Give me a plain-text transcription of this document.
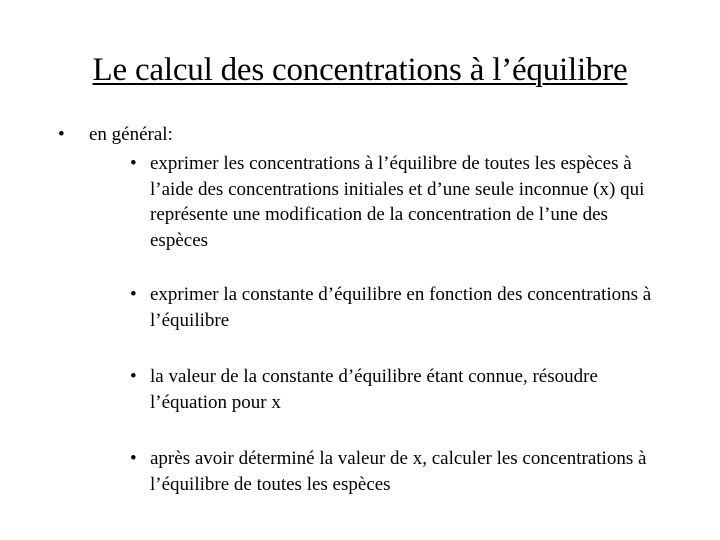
Le calcul des concentrations à l’équilibre
• en général:
• exprimer les concentrations à l’équilibre de toutes les espèces à l’aide des concentrations initiales et d’une seule inconnue (x) qui représente une modification de la concentration de l’une des espèces
• exprimer la constante d’équilibre en fonction des concentrations à l’équilibre
• la valeur de la constante d’équilibre étant connue, résoudre l’équation pour x
• après avoir déterminé la valeur de x, calculer les concentrations à l’équilibre de toutes les espèces
